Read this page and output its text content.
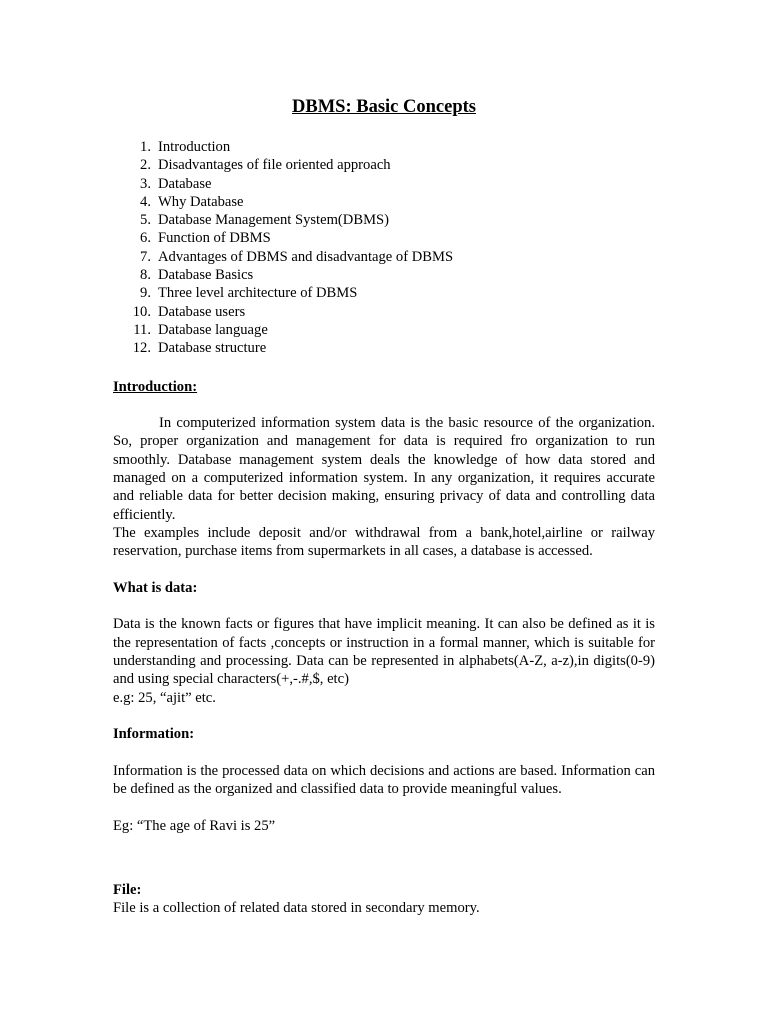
DBMS: Basic Concepts
1. Introduction
2. Disadvantages of file oriented approach
3. Database
4. Why Database
5. Database Management System(DBMS)
6. Function of DBMS
7. Advantages of DBMS and disadvantage of DBMS
8. Database Basics
9. Three level architecture of DBMS
10. Database users
11. Database language
12. Database structure
Introduction:

In computerized information system data is the basic resource of the organization. So, proper organization and management for data is required fro organization to run smoothly. Database management system deals the knowledge of how data stored and managed on a computerized information system. In any organization, it requires accurate and reliable data for better decision making, ensuring privacy of data and controlling data efficiently.

The examples include deposit and/or withdrawal from a bank,hotel,airline or railway reservation, purchase items from supermarkets in all cases, a database is accessed.

What is data:

Data is the known facts or figures that have implicit meaning. It can also be defined as it is the representation of facts ,concepts or instruction in a formal manner, which is suitable for understanding and processing. Data can be represented in alphabets(A-Z, a-z),in digits(0-9) and using special characters(+,-.#,$, etc)

e.g: 25, “ajit” etc.

Information:

Information is the processed data on which decisions and actions are based. Information can be defined as the organized and classified data to provide meaningful values.

Eg: “The age of Ravi is 25”

File:

File is a collection of related data stored in secondary memory.
